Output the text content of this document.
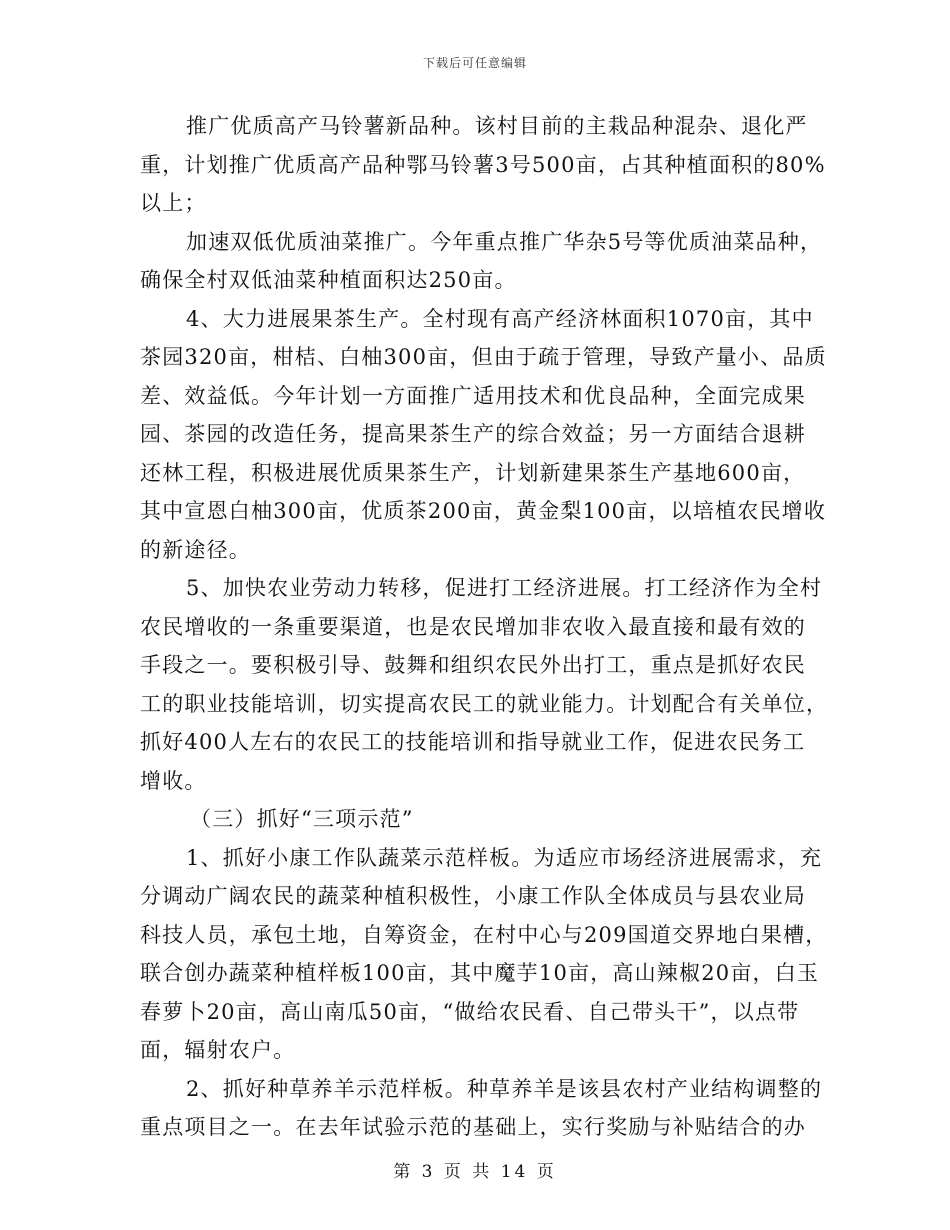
下载后可任意编辑
推广优质高产马铃薯新品种。该村目前的主栽品种混杂、退化严
重，计划推广优质高产品种鄂马铃薯3号500亩，占其种植面积的80%
以上；
加速双低优质油菜推广。今年重点推广华杂5号等优质油菜品种，
确保全村双低油菜种植面积达250亩。
4、大力进展果茶生产。全村现有高产经济林面积1070亩，其中
茶园320亩，柑桔、白柚300亩，但由于疏于管理，导致产量小、品质
差、效益低。今年计划一方面推广适用技术和优良品种，全面完成果
园、茶园的改造任务，提高果茶生产的综合效益；另一方面结合退耕
还林工程，积极进展优质果茶生产，计划新建果茶生产基地600亩，
其中宣恩白柚300亩，优质茶200亩，黄金梨100亩，以培植农民增收
的新途径。
5、加快农业劳动力转移，促进打工经济进展。打工经济作为全村
农民增收的一条重要渠道，也是农民增加非农收入最直接和最有效的
手段之一。要积极引导、鼓舞和组织农民外出打工，重点是抓好农民
工的职业技能培训，切实提高农民工的就业能力。计划配合有关单位，
抓好400人左右的农民工的技能培训和指导就业工作，促进农民务工
增收。
（三）抓好“三项示范”
1、抓好小康工作队蔬菜示范样板。为适应市场经济进展需求，充
分调动广阔农民的蔬菜种植积极性，小康工作队全体成员与县农业局
科技人员，承包土地，自筹资金，在村中心与209国道交界地白果槽，
联合创办蔬菜种植样板100亩，其中魔芋10亩，高山辣椒20亩，白玉
春萝卜20亩，高山南瓜50亩，“做给农民看、自己带头干”，以点带
面，辐射农户。
2、抓好种草养羊示范样板。种草养羊是该县农村产业结构调整的
重点项目之一。在去年试验示范的基础上，实行奖励与补贴结合的办
第 3 页 共 14 页
